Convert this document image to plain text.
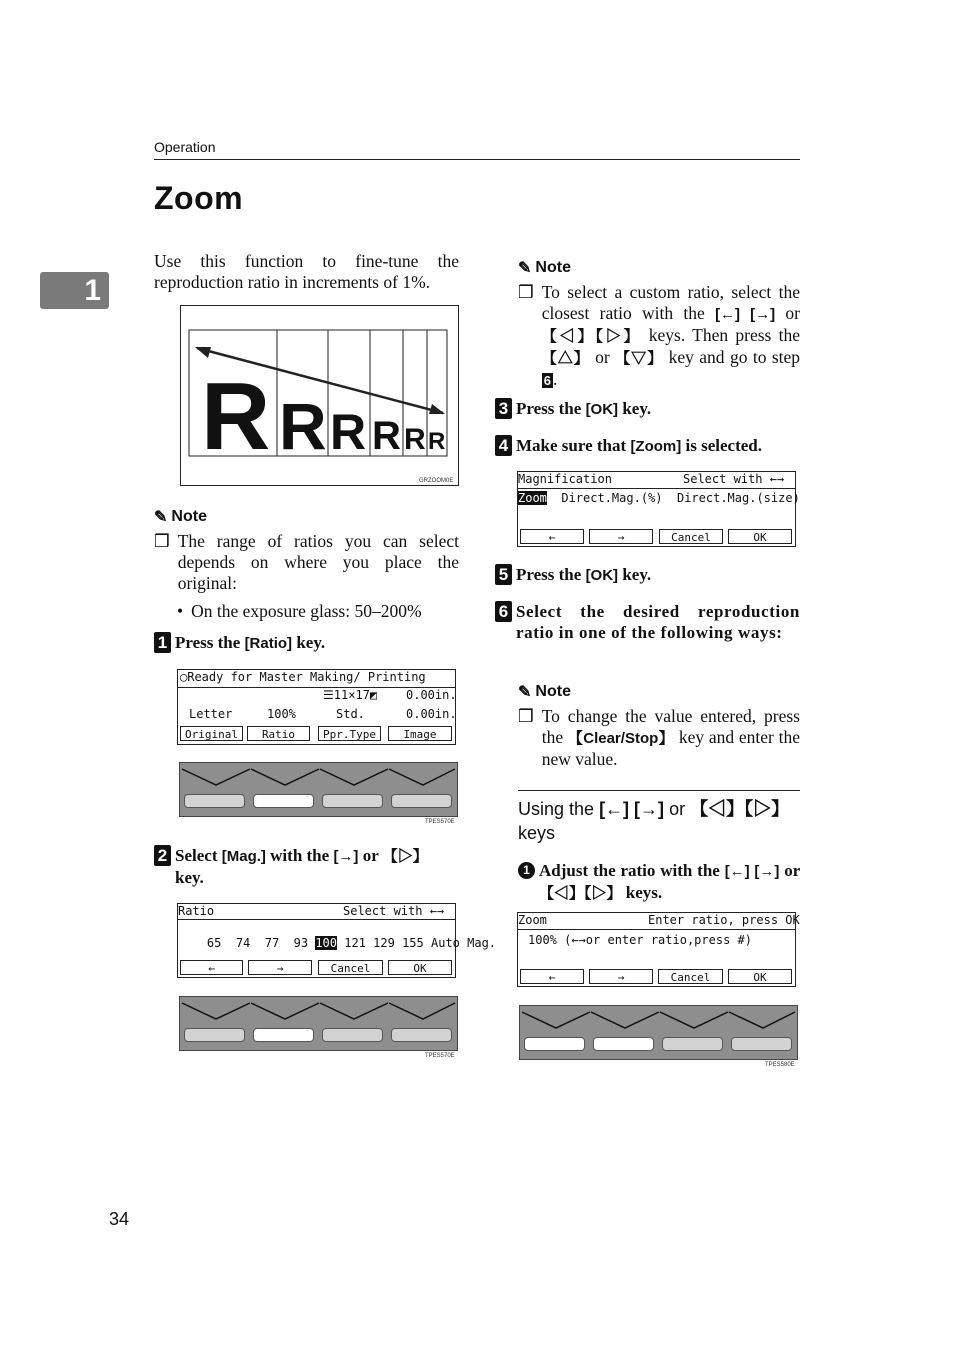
Operation
Zoom
1

Use this function to fine-tune the reproduction ratio in increments of 1%.

R R R R R R
GRZOOM0E
✎ Note
❒ The range of ratios you can select depends on where you place the original:
• On the exposure glass: 50–200%
1 Press the [Ratio] key.
◯Ready for Master Making/ Printing
☰11×17◩	0.00in.
Letter	100%	Std.	0.00in.
Original	Ratio	Ppr.Type	Image
TPES570E
2 Select [Mag.] with the [→] or 【▷】
key.
Ratio	Select with ←→

65 74 77 93 100 121 129 155 Auto Mag.

←	→	Cancel	OK
TPES570E
34
✎ Note
❒ To select a custom ratio, select the closest ratio with the [←] [→] or 【◁】【▷】 keys. Then press the 【△】 or 【▽】 key and go to step 6 .
3 Press the [OK] key.
4 Make sure that [Zoom] is selected.
Magnification	Select with ←→
Zoom Direct.Mag.(%) Direct.Mag.(size)
←	→	Cancel	OK
5 Press the [OK] key.
6 Select the desired reproduction ratio in one of the following ways:
✎ Note
❒ To change the value entered, press the 【Clear/Stop】 key and enter the new value.
Using the [←] [→] or 【◁】【▷】
keys
1 Adjust the ratio with the [←] [→] or 【◁】【▷】 keys.
Zoom	Enter ratio, press OK
100% (←→or enter ratio,press #)
←	→	Cancel	OK
TPES580E
